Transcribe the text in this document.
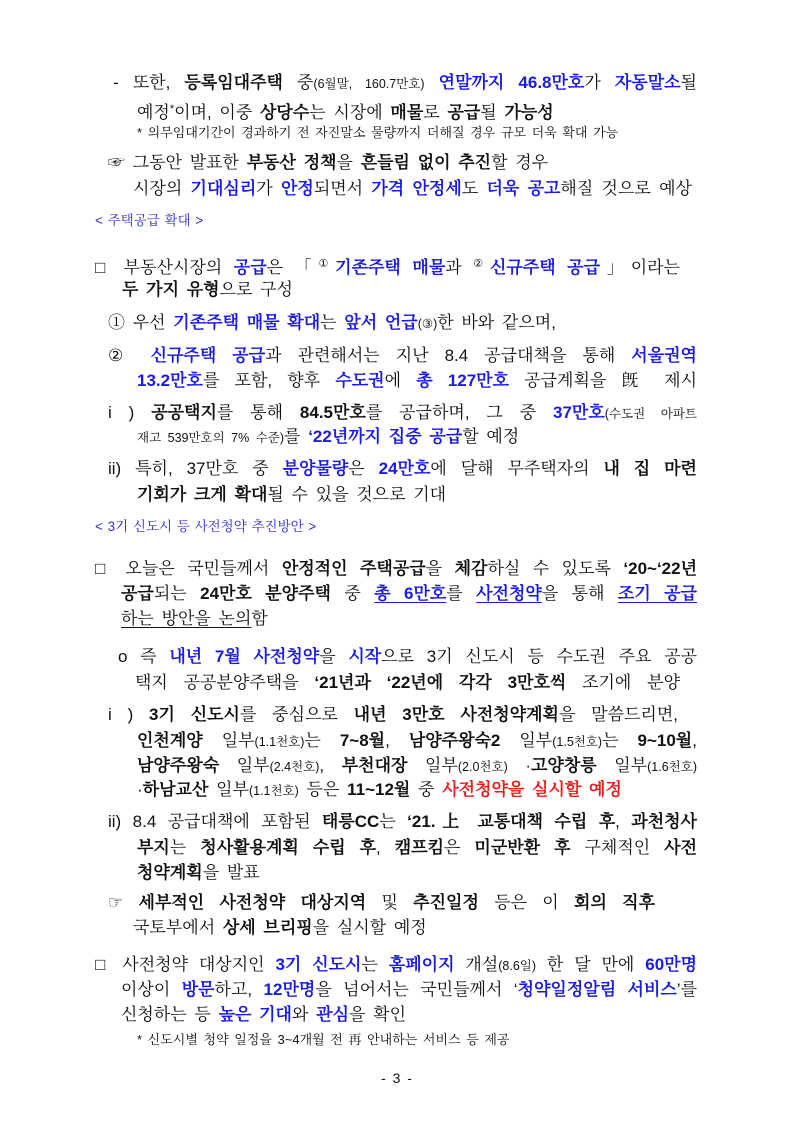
- 또한, 등록임대주택 중(6월말, 160.7만호) 연말까지 46.8만호가 자동말소될
예정*이며, 이중 상당수는 시장에 매물로 공급될 가능성
* 의무임대기간이 경과하기 전 자진말소 물량까지 더해질 경우 규모 더욱 확대 가능
☞ 그동안 발표한 부동산 정책을 흔들림 없이 추진할 경우
시장의 기대심리가 안정되면서 가격 안정세도 더욱 공고해질 것으로 예상
< 주택공급 확대 >
□ 부동산시장의 공급은 「①기존주택 매물과 ②신규주택 공급」이라는
두 가지 유형으로 구성
① 우선 기존주택 매물 확대는 앞서 언급(③)한 바와 같으며,
② 신규주택 공급과 관련해서는 지난 8.4 공급대책을 통해 서울권역
13.2만호를 포함, 향후 수도권에 총 127만호 공급계획을 旣 제시
i ) 공공택지를 통해 84.5만호를 공급하며, 그 중 37만호(수도권 아파트
재고 539만호의 7% 수준)를 ‘22년까지 집중 공급할 예정
ii) 특히, 37만호 중 분양물량은 24만호에 달해 무주택자의 내 집 마련
기회가 크게 확대될 수 있을 것으로 기대
< 3기 신도시 등 사전청약 추진방안 >
□ 오늘은 국민들께서 안정적인 주택공급을 체감하실 수 있도록 ‘20~‘22년
공급되는 24만호 분양주택 중 총 6만호를 사전청약을 통해 조기 공급
하는 방안을 논의함
o 즉 내년 7월 사전청약을 시작으로 3기 신도시 등 수도권 주요 공공
택지 공공분양주택을 ‘21년과 ‘22년에 각각 3만호씩 조기에 분양
i ) 3기 신도시를 중심으로 내년 3만호 사전청약계획을 말씀드리면,
인천계양 일부(1.1천호)는 7~8월, 남양주왕숙2 일부(1.5천호)는 9~10월,
남양주왕숙 일부(2.4천호), 부천대장 일부(2.0천호) ·고양창릉 일부(1.6천호)
·하남교산 일부(1.1천호) 등은 11~12월 중 사전청약을 실시할 예정
ii) 8.4 공급대책에 포함된 태릉CC는 ‘21.上 교통대책 수립 후, 과천청사
부지는 청사활용계획 수립 후, 캠프킴은 미군반환 후 구체적인 사전
청약계획을 발표
☞ 세부적인 사전청약 대상지역 및 추진일정 등은 이 회의 직후
국토부에서 상세 브리핑을 실시할 예정
□ 사전청약 대상지인 3기 신도시는 홈페이지 개설(8.6일) 한 달 만에 60만명
이상이 방문하고, 12만명을 넘어서는 국민들께서 ‘청약일정알림 서비스’를
신청하는 등 높은 기대와 관심을 확인
* 신도시별 청약 일정을 3~4개월 전 再 안내하는 서비스 등 제공
- 3 -
